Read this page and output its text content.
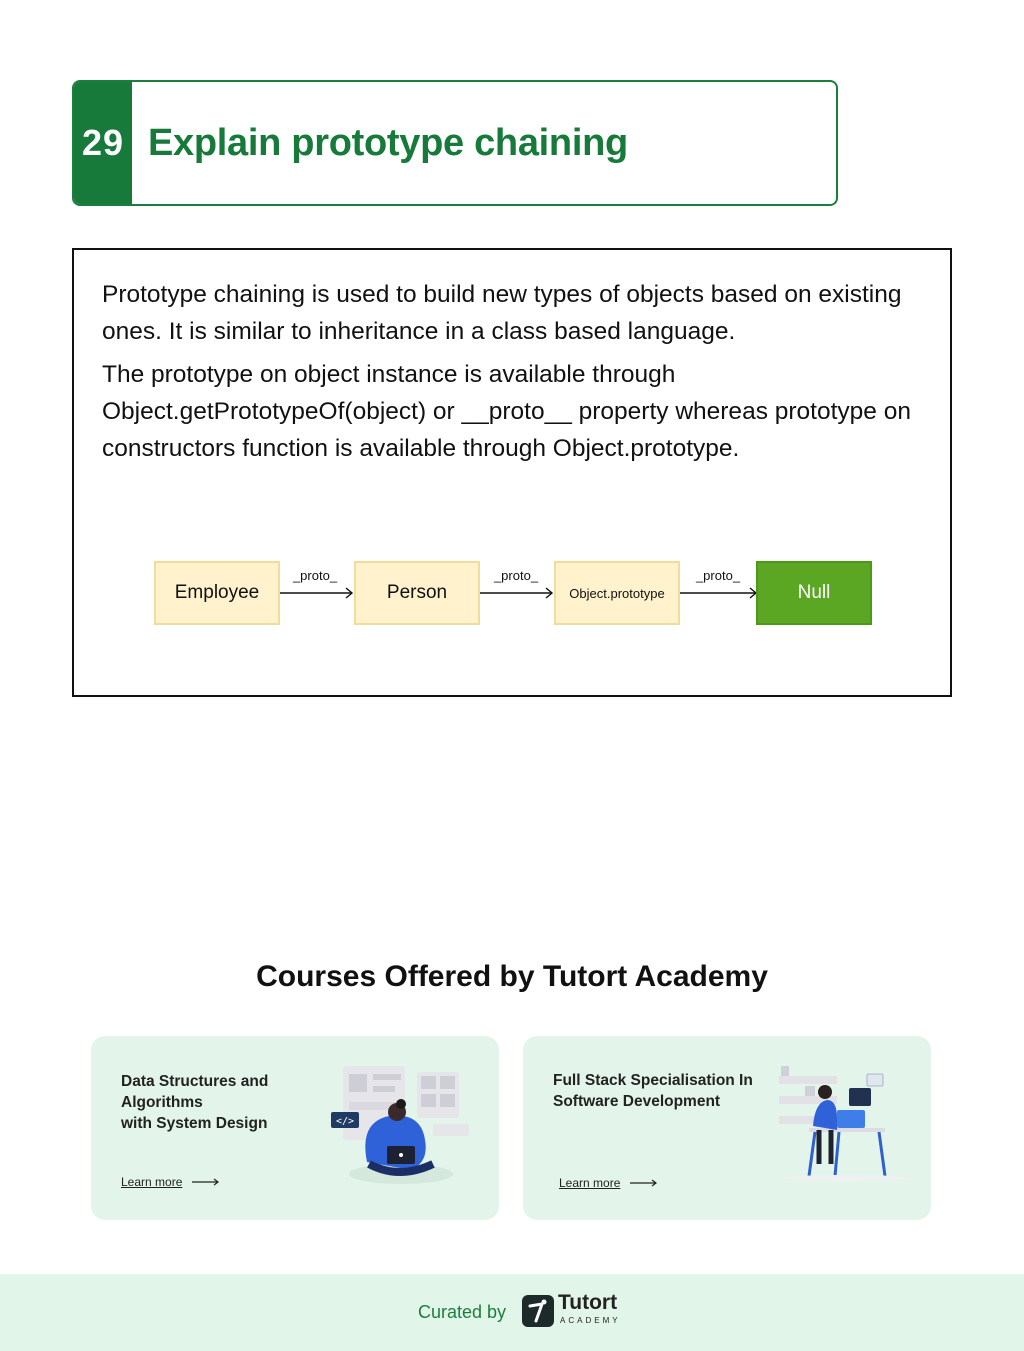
29 Explain prototype chaining
Prototype chaining is used to build new types of objects based on existing ones. It is similar to inheritance in a class based language.
The prototype on object instance is available through Object.getPrototypeOf(object) or __proto__ property whereas prototype on constructors function is available through Object.prototype.
Employee
_proto_
Person
_proto_
Object.prototype
_proto_
Null
Courses Offered by Tutort Academy
Data Structures and
Algorithms
with System Design
Learn more
</>
Full Stack Specialisation In
Software Development
Learn more
Curated by Tutort
ACADEMY
